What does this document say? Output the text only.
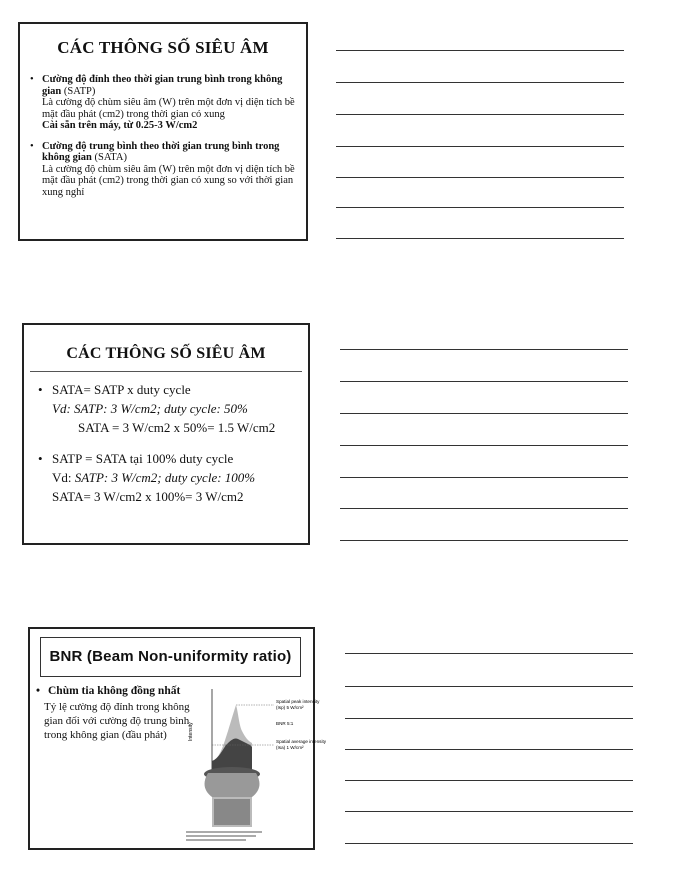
CÁC THÔNG SỐ SIÊU ÂM
• Cường độ đỉnh theo thời gian trung bình trong không gian (SATP)
Là cường độ chùm siêu âm (W) trên một đơn vị diện tích bề mặt đầu phát (cm2) trong thời gian có xung
Cài sẵn trên máy, từ 0.25-3 W/cm2
• Cường độ trung bình theo thời gian trung bình trong không gian (SATA)
Là cường độ chùm siêu âm (W) trên một đơn vị diện tích bề mặt đầu phát (cm2) trong thời gian có xung so với thời gian xung nghỉ
CÁC THÔNG SỐ SIÊU ÂM
• SATA= SATP x duty cycle
Vd: SATP: 3 W/cm2; duty cycle: 50%
SATA = 3 W/cm2 x 50%= 1.5 W/cm2
• SATP = SATA tại 100% duty cycle
Vd: SATP: 3 W/cm2; duty cycle: 100%
SATA= 3 W/cm2 x 100%= 3 W/cm2
BNR (Beam Non-uniformity ratio)
• Chùm tia không đồng nhất
Tỷ lệ cường độ đỉnh trong không gian đối với cường độ trung bình trong không gian (đầu phát)	Intensity
Spatial peak intensity
(Isp) 5 W/cm²
BNR 5:1
Spatial average intensity
(Isa) 1 W/cm²
